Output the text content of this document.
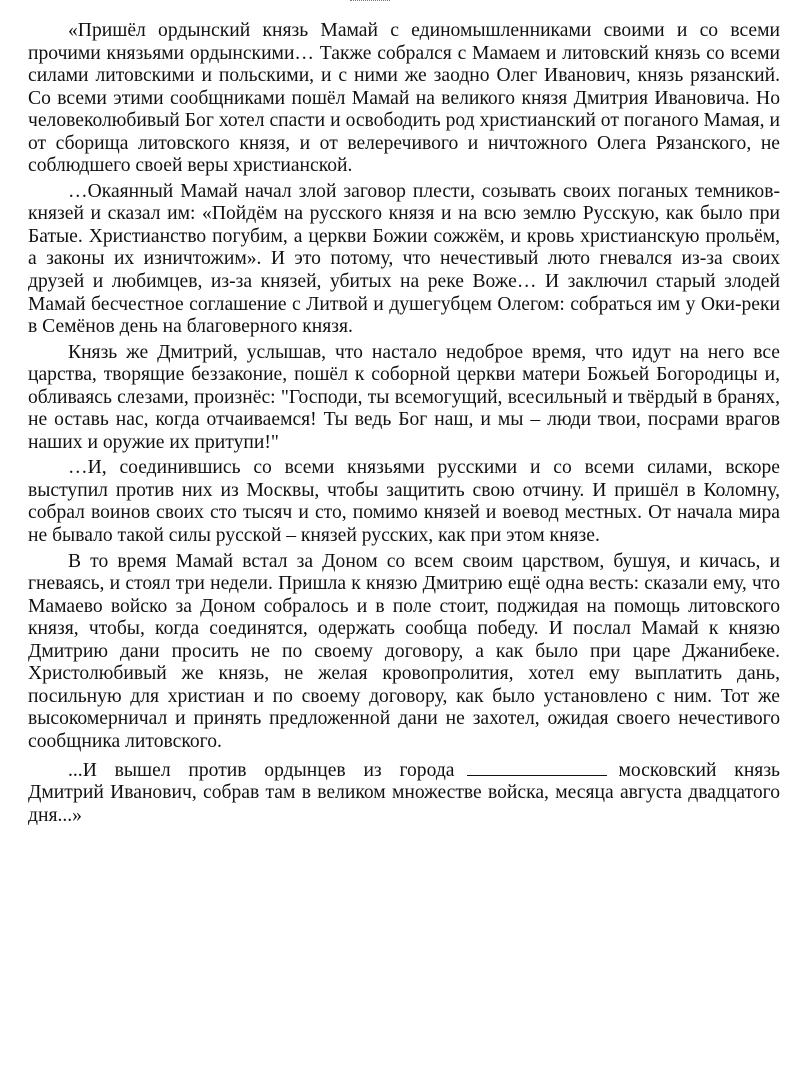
«Пришёл ордынский князь Мамай с единомышленниками своими и со всеми прочими князьями ордынскими… Также собрался с Мамаем и литовский князь со всеми силами литовскими и польскими, и с ними же заодно Олег Иванович, князь рязанский. Со всеми этими сообщниками пошёл Мамай на великого князя Дмитрия Ивановича. Но человеколюбивый Бог хотел спасти и освободить род христианский от поганого Мамая, и от сборища литовского князя, и от велеречивого и ничтожного Олега Рязанского, не соблюдшего своей веры христианской.

…Окаянный Мамай начал злой заговор плести, созывать своих поганых темников-князей и сказал им: «Пойдём на русского князя и на всю землю Русскую, как было при Батые. Христианство погубим, а церкви Божии сожжём, и кровь христианскую прольём, а законы их изничтожим». И это потому, что нечестивый люто гневался из-за своих друзей и любимцев, из-за князей, убитых на реке Воже… И заключил старый злодей Мамай бесчестное соглашение с Литвой и душегубцем Олегом: собраться им у Оки-реки в Семёнов день на благоверного князя.

Князь же Дмитрий, услышав, что настало недоброе время, что идут на него все царства, творящие беззаконие, пошёл к соборной церкви матери Божьей Богородицы и, обливаясь слезами, произнёс: "Господи, ты всемогущий, всесильный и твёрдый в бранях, не оставь нас, когда отчаиваемся! Ты ведь Бог наш, и мы – люди твои, посрами врагов наших и оружие их притупи!"

…И, соединившись со всеми князьями русскими и со всеми силами, вскоре выступил против них из Москвы, чтобы защитить свою отчину. И пришёл в Коломну, собрал воинов своих сто тысяч и сто, помимо князей и воевод местных. От начала мира не бывало такой силы русской – князей русских, как при этом князе.

В то время Мамай встал за Доном со всем своим царством, бушуя, и кичась, и гневаясь, и стоял три недели. Пришла к князю Дмитрию ещё одна весть: сказали ему, что Мамаево войско за Доном собралось и в поле стоит, поджидая на помощь литовского князя, чтобы, когда соединятся, одержать сообща победу. И послал Мамай к князю Дмитрию дани просить не по своему договору, а как было при царе Джанибеке. Христолюбивый же князь, не желая кровопролития, хотел ему выплатить дань, посильную для христиан и по своему договору, как было установлено с ним. Тот же высокомерничал и принять предложенной дани не захотел, ожидая своего нечестивого сообщника литовского.

...И вышел против ордынцев из города	московский князь Дмитрий Иванович, собрав там в великом множестве войска, месяца августа двадцатого дня...»
